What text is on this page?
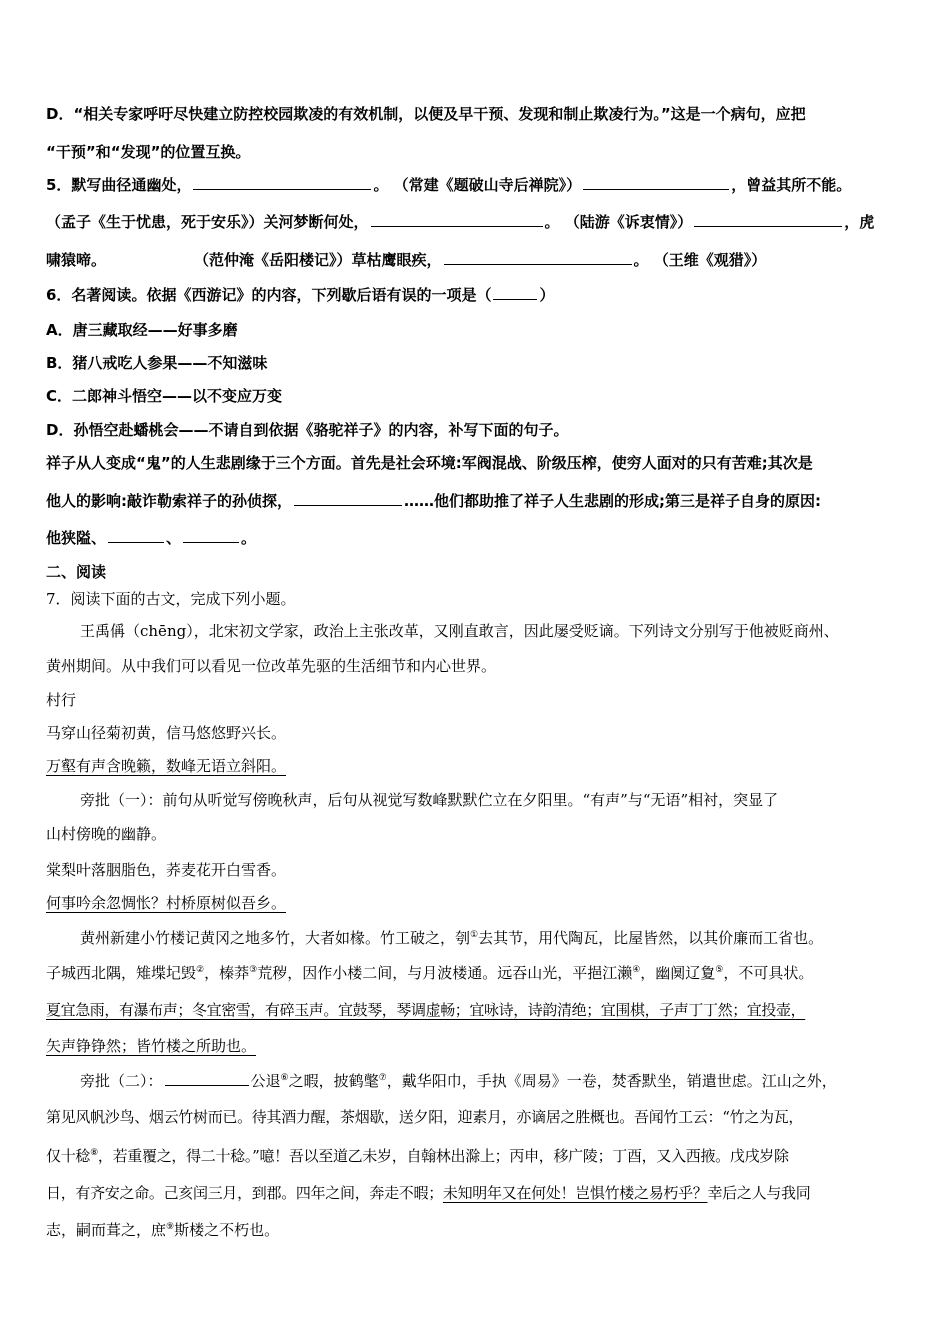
D．“相关专家呼吁尽快建立防控校园欺凌的有效机制，以便及早干预、发现和制止欺凌行为。”这是一个病句，应把
“干预”和“发现”的位置互换。
5．默写曲径通幽处，	。 （常建《题破山寺后禅院》）	，曾益其所不能。
（孟子《生于忧患，死于安乐》）关河梦断何处，	。 （陆游《诉衷情》）	，虎
啸猿啼。	（范仲淹《岳阳楼记》）草枯鹰眼疾，	。 （王维《观猎》）
6．名著阅读。依据《西游记》的内容，下列歇后语有误的一项是（	）
A．唐三藏取经——好事多磨
B．猪八戒吃人参果——不知滋味
C．二郎神斗悟空——以不变应万变
D．孙悟空赴蟠桃会——不请自到依据《骆驼祥子》的内容，补写下面的句子。
祥子从人变成“鬼”的人生悲剧缘于三个方面。首先是社会环境:军阀混战、阶级压榨，使穷人面对的只有苦难;其次是
他人的影响:敲诈勒索祥子的孙侦探，	……他们都助推了祥子人生悲剧的形成;第三是祥子自身的原因:
他狭隘、	、	。
二、阅读
7．阅读下面的古文，完成下列小题。
王禹偁（chēng），北宋初文学家，政治上主张改革，又刚直敢言，因此屡受贬谪。下列诗文分别写于他被贬商州、
黄州期间。从中我们可以看见一位改革先驱的生活细节和内心世界。
村行
马穿山径菊初黄，信马悠悠野兴长。
万壑有声含晚籁，数峰无语立斜阳。
旁批（一）：前句从听觉写傍晚秋声，后句从视觉写数峰默默伫立在夕阳里。“有声”与“无语”相衬，突显了
山村傍晚的幽静。
棠梨叶落胭脂色，荞麦花开白雪香。
何事吟余忽惆怅？村桥原树似吾乡。
黄州新建小竹楼记黄冈之地多竹，大者如椽。竹工破之，刳①去其节，用代陶瓦，比屋皆然，以其价廉而工省也。
子城西北隅，雉堞圮毁②，榛莽③荒秽，因作小楼二间，与月波楼通。远吞山光，平挹江濑④，幽阒辽夐⑤，不可具状。
夏宜急雨，有瀑布声；冬宜密雪，有碎玉声。宜鼓琴，琴调虚畅；宜咏诗，诗韵清绝；宜围棋，子声丁丁然；宜投壶，
矢声铮铮然；皆竹楼之所助也。
旁批（二）：	公退⑥之暇，披鹤氅⑦，戴华阳巾，手执《周易》一卷，焚香默坐，销遣世虑。江山之外，
第见风帆沙鸟、烟云竹树而已。待其酒力醒，茶烟歇，送夕阳，迎素月，亦谪居之胜概也。吾闻竹工云：“竹之为瓦，
仅十稔⑧，若重覆之，得二十稔。”噫！吾以至道乙未岁，自翰林出滁上；丙申，移广陵；丁酉，又入西掖。戊戌岁除
日，有齐安之命。己亥闰三月，到郡。四年之间，奔走不暇；未知明年又在何处！岂惧竹楼之易朽乎？幸后之人与我同
志，嗣而葺之，庶⑨斯楼之不朽也。
